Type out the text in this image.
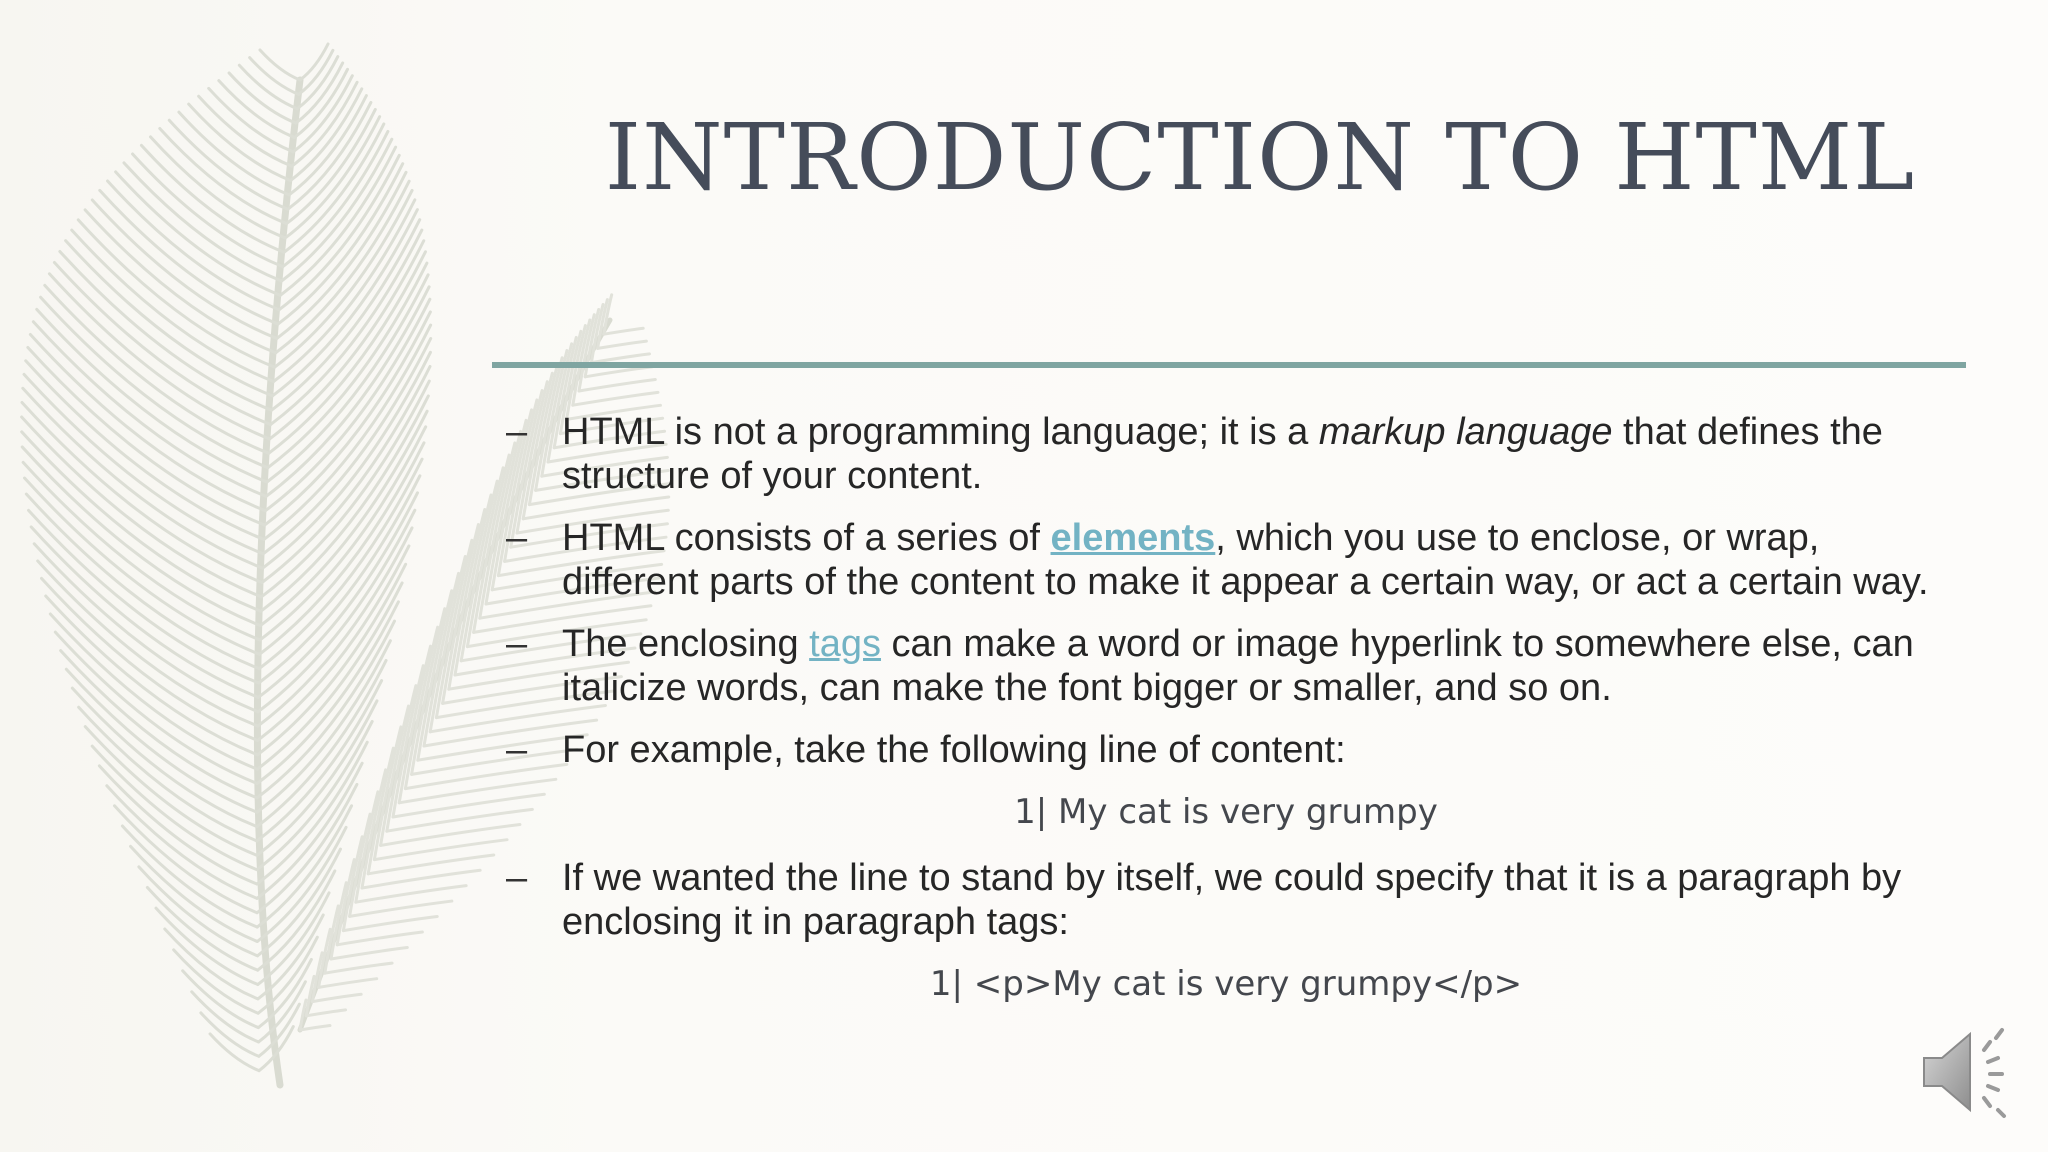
INTRODUCTION TO HTML
– HTML is not a programming language; it is a markup language that defines the structure of your content.
– HTML consists of a series of elements, which you use to enclose, or wrap, different parts of the content to make it appear a certain way, or act a certain way.
– The enclosing tags can make a word or image hyperlink to somewhere else, can italicize words, can make the font bigger or smaller, and so on.
– For example, take the following line of content:
1| My cat is very grumpy
– If we wanted the line to stand by itself, we could specify that it is a paragraph by enclosing it in paragraph tags:
1| <p>My cat is very grumpy</p>
